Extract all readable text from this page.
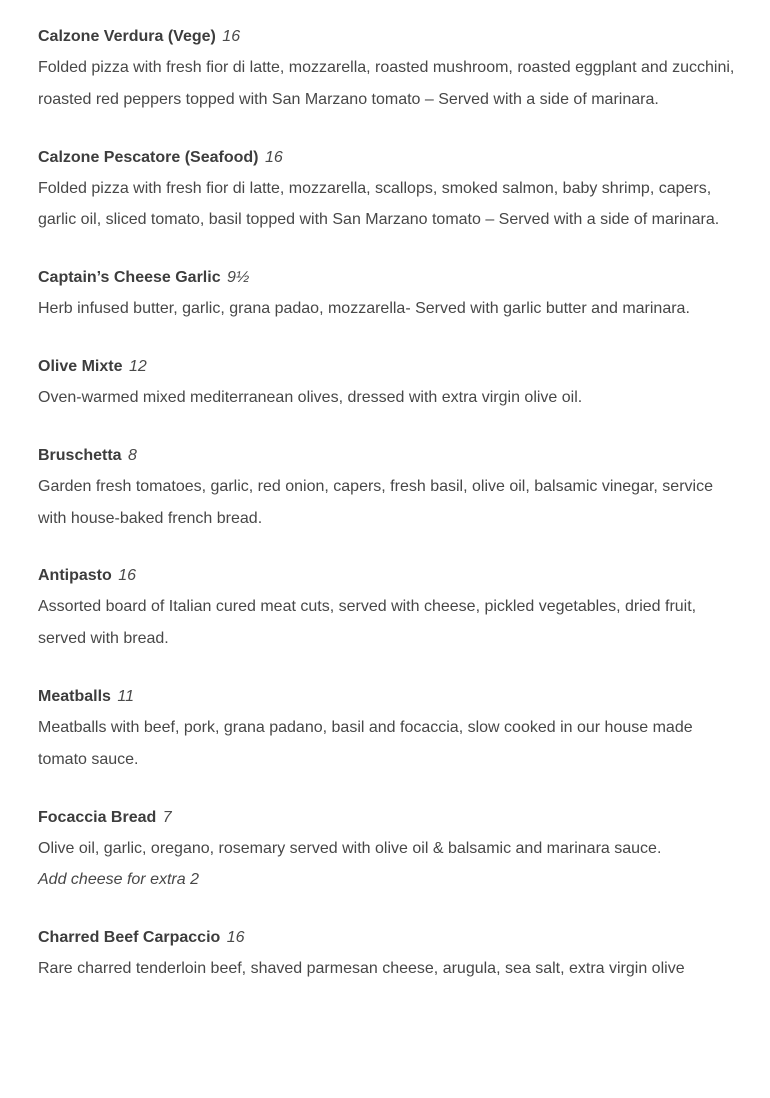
Calzone Verdura (Vege) 16

Folded pizza with fresh fior di latte, mozzarella, roasted mushroom, roasted eggplant and zucchini, roasted red peppers topped with San Marzano tomato – Served with a side of marinara.

Calzone Pescatore (Seafood) 16

Folded pizza with fresh fior di latte, mozzarella, scallops, smoked salmon, baby shrimp, capers, garlic oil, sliced tomato, basil topped with San Marzano tomato – Served with a side of marinara.

Captain’s Cheese Garlic 9½

Herb infused butter, garlic, grana padao, mozzarella- Served with garlic butter and marinara.

Olive Mixte 12

Oven-warmed mixed mediterranean olives, dressed with extra virgin olive oil.

Bruschetta 8

Garden fresh tomatoes, garlic, red onion, capers, fresh basil, olive oil, balsamic vinegar, service with house-baked french bread.

Antipasto 16

Assorted board of Italian cured meat cuts, served with cheese, pickled vegetables, dried fruit, served with bread.

Meatballs 11

Meatballs with beef, pork, grana padano, basil and focaccia, slow cooked in our house made tomato sauce.

Focaccia Bread 7

Olive oil, garlic, oregano, rosemary served with olive oil & balsamic and marinara sauce.

Add cheese for extra 2

Charred Beef Carpaccio 16

Rare charred tenderloin beef, shaved parmesan cheese, arugula, sea salt, extra virgin olive
